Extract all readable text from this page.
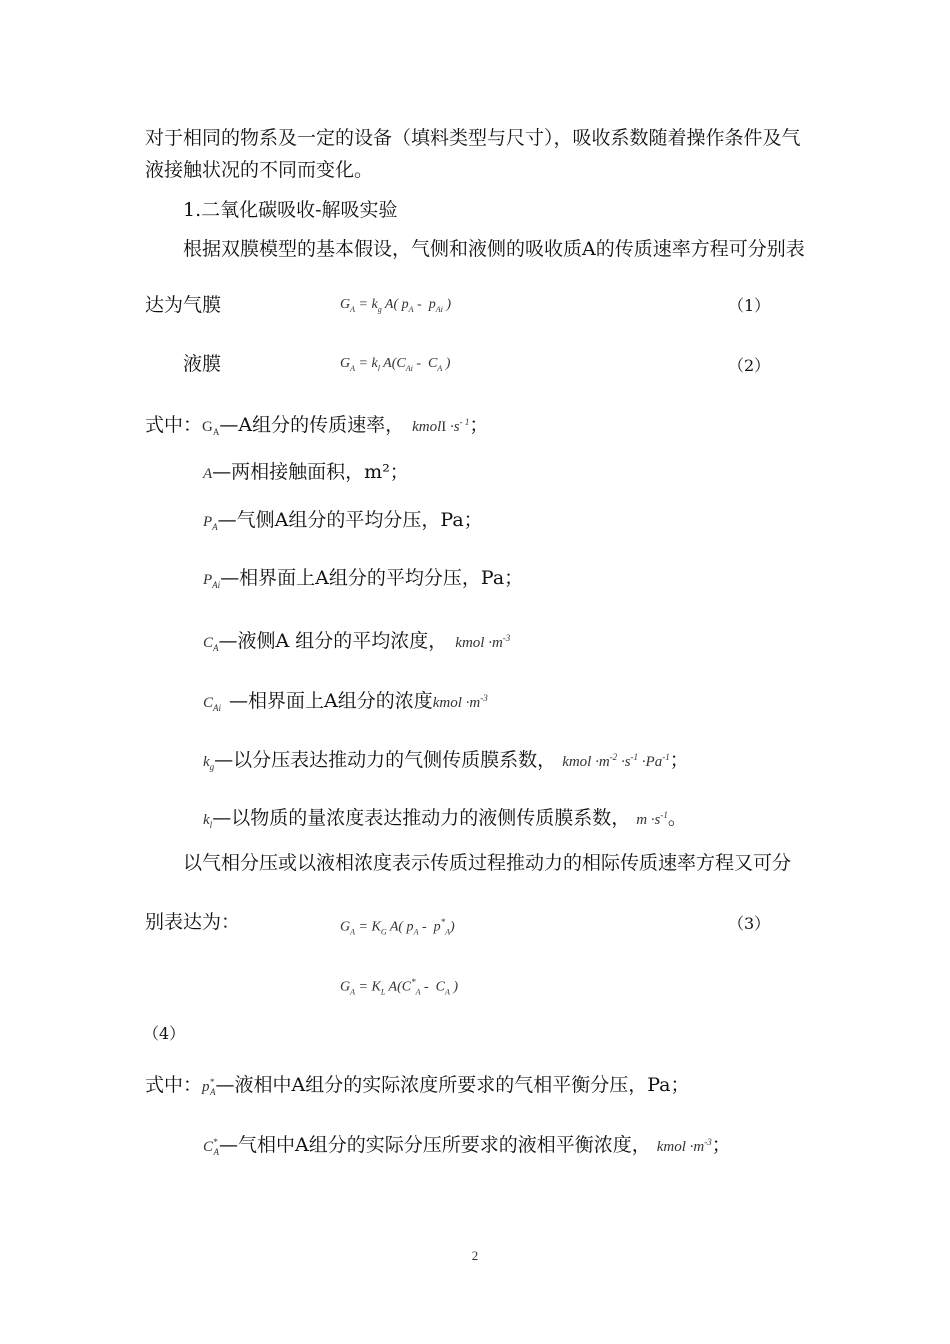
对于相同的物系及一定的设备（填料类型与尺寸），吸收系数随着操作条件及气
液接触状况的不同而变化。
1.二氧化碳吸收-解吸实验
根据双膜模型的基本假设，气侧和液侧的吸收质A的传质速率方程可分别表
达为气膜	$G_A = k_g$ A( $p_A - p_{Ai}$ )	（1）
液膜	$G_A = k_l$ $A(C_{Ai} - C_A$ )	（2）
式中：$G_A—A$组分的传质速率， kmolI $\cdot s^{- 1}$；
A—两相接触面积，m²；
$P_A—$气侧A组分的平均分压，Pa；
$P_{Ai}—$相界面上A组分的平均分压，Pa；
$C_A—$液侧A 组分的平均浓度， kmol $\cdot m^{-3}$
$C_{Ai}$ —相界面上A组分的浓度kmol $\cdot m^{-3}$
$k_g—$以分压表达推动力的气侧传质膜系数， kmol $\cdot m^{-2} \cdot s^{-1} \cdot Pa^{-1}$；
$k_l—$以物质的量浓度表达推动力的液侧传质膜系数， $m \cdot s^{-1}$。
以气相分压或以液相浓度表示传质过程推动力的相际传质速率方程又可分
别表达为：	$G_A = K_G$ A( $p_A - p^*_A$)	（3）
$G_A = K_L$ $A(C^*_A - C_A$ )
（4）
式中：$p^*_A—$液相中A组分的实际浓度所要求的气相平衡分压，Pa；
$C^*_A—$气相中A组分的实际分压所要求的液相平衡浓度， kmol $\cdot m^{-3}$；
2
